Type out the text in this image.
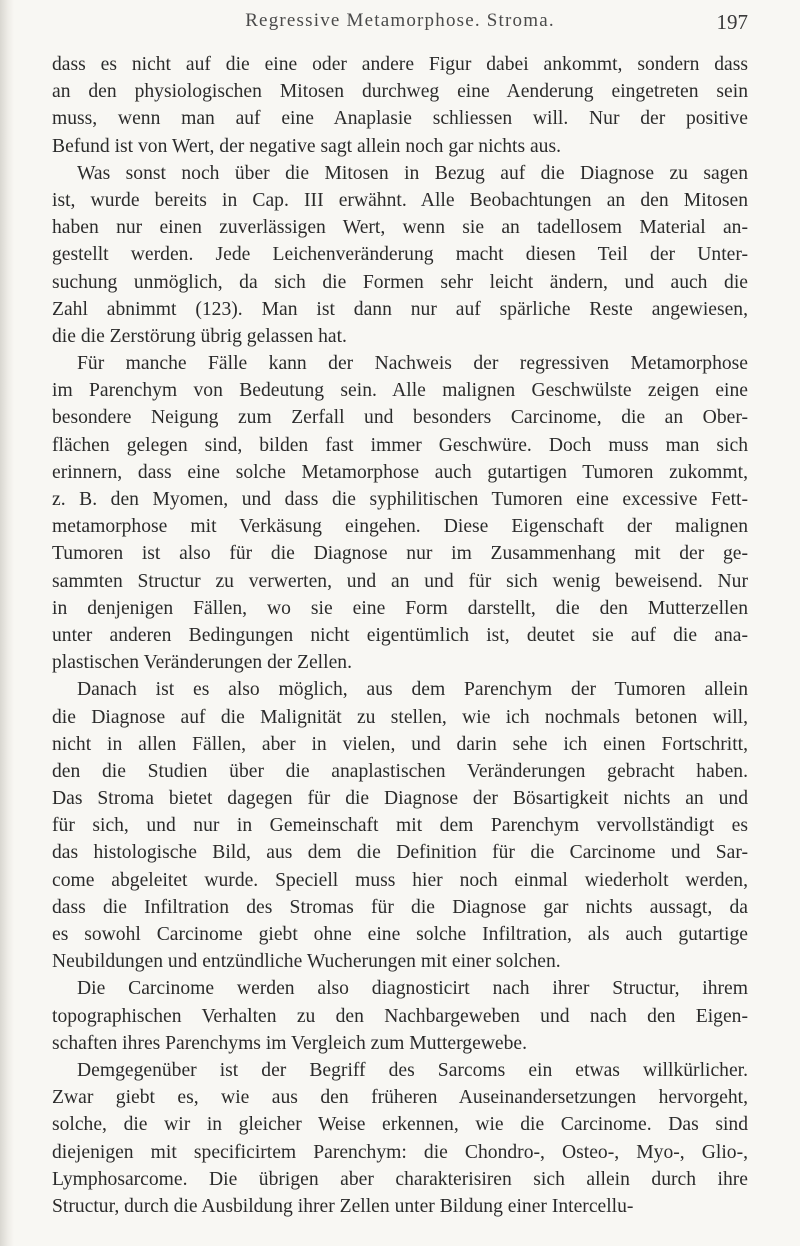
Regressive Metamorphose. Stroma.	197
dass es nicht auf die eine oder andere Figur dabei ankommt, sondern dass
an den physiologischen Mitosen durchweg eine Aenderung eingetreten sein
muss, wenn man auf eine Anaplasie schliessen will. Nur der positive
Befund ist von Wert, der negative sagt allein noch gar nichts aus.
Was sonst noch über die Mitosen in Bezug auf die Diagnose zu sagen
ist, wurde bereits in Cap. III erwähnt. Alle Beobachtungen an den Mitosen
haben nur einen zuverlässigen Wert, wenn sie an tadellosem Material an-
gestellt werden. Jede Leichenveränderung macht diesen Teil der Unter-
suchung unmöglich, da sich die Formen sehr leicht ändern, und auch die
Zahl abnimmt (123). Man ist dann nur auf spärliche Reste angewiesen,
die die Zerstörung übrig gelassen hat.
Für manche Fälle kann der Nachweis der regressiven Metamorphose
im Parenchym von Bedeutung sein. Alle malignen Geschwülste zeigen eine
besondere Neigung zum Zerfall und besonders Carcinome, die an Ober-
flächen gelegen sind, bilden fast immer Geschwüre. Doch muss man sich
erinnern, dass eine solche Metamorphose auch gutartigen Tumoren zukommt,
z. B. den Myomen, und dass die syphilitischen Tumoren eine excessive Fett-
metamorphose mit Verkäsung eingehen. Diese Eigenschaft der malignen
Tumoren ist also für die Diagnose nur im Zusammenhang mit der ge-
sammten Structur zu verwerten, und an und für sich wenig beweisend. Nur
in denjenigen Fällen, wo sie eine Form darstellt, die den Mutterzellen
unter anderen Bedingungen nicht eigentümlich ist, deutet sie auf die ana-
plastischen Veränderungen der Zellen.
Danach ist es also möglich, aus dem Parenchym der Tumoren allein
die Diagnose auf die Malignität zu stellen, wie ich nochmals betonen will,
nicht in allen Fällen, aber in vielen, und darin sehe ich einen Fortschritt,
den die Studien über die anaplastischen Veränderungen gebracht haben.
Das Stroma bietet dagegen für die Diagnose der Bösartigkeit nichts an und
für sich, und nur in Gemeinschaft mit dem Parenchym vervollständigt es
das histologische Bild, aus dem die Definition für die Carcinome und Sar-
come abgeleitet wurde. Speciell muss hier noch einmal wiederholt werden,
dass die Infiltration des Stromas für die Diagnose gar nichts aussagt, da
es sowohl Carcinome giebt ohne eine solche Infiltration, als auch gutartige
Neubildungen und entzündliche Wucherungen mit einer solchen.
Die Carcinome werden also diagnosticirt nach ihrer Structur, ihrem
topographischen Verhalten zu den Nachbargeweben und nach den Eigen-
schaften ihres Parenchyms im Vergleich zum Muttergewebe.
Demgegenüber ist der Begriff des Sarcoms ein etwas willkürlicher.
Zwar giebt es, wie aus den früheren Auseinandersetzungen hervorgeht,
solche, die wir in gleicher Weise erkennen, wie die Carcinome. Das sind
diejenigen mit specificirtem Parenchym: die Chondro-, Osteo-, Myo-, Glio-,
Lymphosarcome. Die übrigen aber charakterisiren sich allein durch ihre
Structur, durch die Ausbildung ihrer Zellen unter Bildung einer Intercellu-
